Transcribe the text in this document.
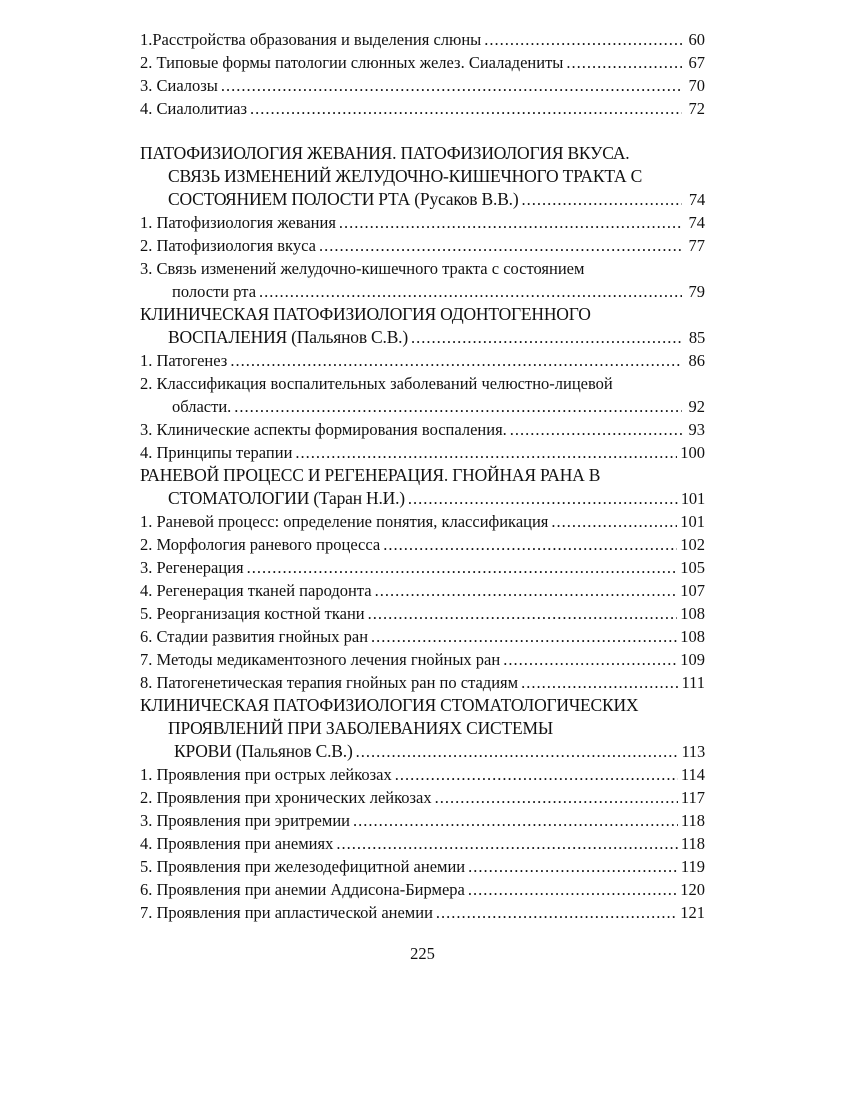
1.Расстройства образования и выделения слюны .....	60
2. Типовые формы патологии слюнных желез. Сиаладениты .....	67
3. Сиалозы .....	70
4. Сиалолитиаз .....	72
ПАТОФИЗИОЛОГИЯ ЖЕВАНИЯ. ПАТОФИЗИОЛОГИЯ ВКУСА.
СВЯЗЬ ИЗМЕНЕНИЙ ЖЕЛУДОЧНО-КИШЕЧНОГО ТРАКТА С
СОСТОЯНИЕМ ПОЛОСТИ РТА (Русаков В.В.) .....	74
1. Патофизиология жевания .....	74
2. Патофизиология вкуса .....	77
3. Связь изменений желудочно-кишечного тракта с состоянием
полости рта .....	79
КЛИНИЧЕСКАЯ ПАТОФИЗИОЛОГИЯ ОДОНТОГЕННОГО
ВОСПАЛЕНИЯ (Пальянов С.В.) .....	85
1. Патогенез .....	86
2. Классификация воспалительных заболеваний челюстно-лицевой
области. .....	92
3. Клинические аспекты формирования воспаления. .....	93
4. Принципы терапии .....	100
РАНЕВОЙ ПРОЦЕСС И РЕГЕНЕРАЦИЯ. ГНОЙНАЯ РАНА В
СТОМАТОЛОГИИ (Таран Н.И.) .....	101
1. Раневой процесс: определение понятия, классификация .....	101
2. Морфология раневого процесса .....	102
3. Регенерация .....	105
4. Регенерация тканей пародонта .....	107
5. Реорганизация костной ткани .....	108
6. Стадии развития гнойных ран .....	108
7. Методы медикаментозного лечения гнойных ран .....	109
8. Патогенетическая терапия гнойных ран по стадиям .....	111
КЛИНИЧЕСКАЯ ПАТОФИЗИОЛОГИЯ СТОМАТОЛОГИЧЕСКИХ
ПРОЯВЛЕНИЙ ПРИ ЗАБОЛЕВАНИЯХ СИСТЕМЫ
КРОВИ (Пальянов С.В.) .....	113
1. Проявления при острых лейкозах .....	114
2. Проявления при хронических лейкозах .....	117
3. Проявления при эритремии .....	118
4. Проявления при анемиях .....	118
5. Проявления при железодефицитной анемии .....	119
6. Проявления при анемии Аддисона-Бирмера .....	120
7. Проявления при апластической анемии .....	121
225
